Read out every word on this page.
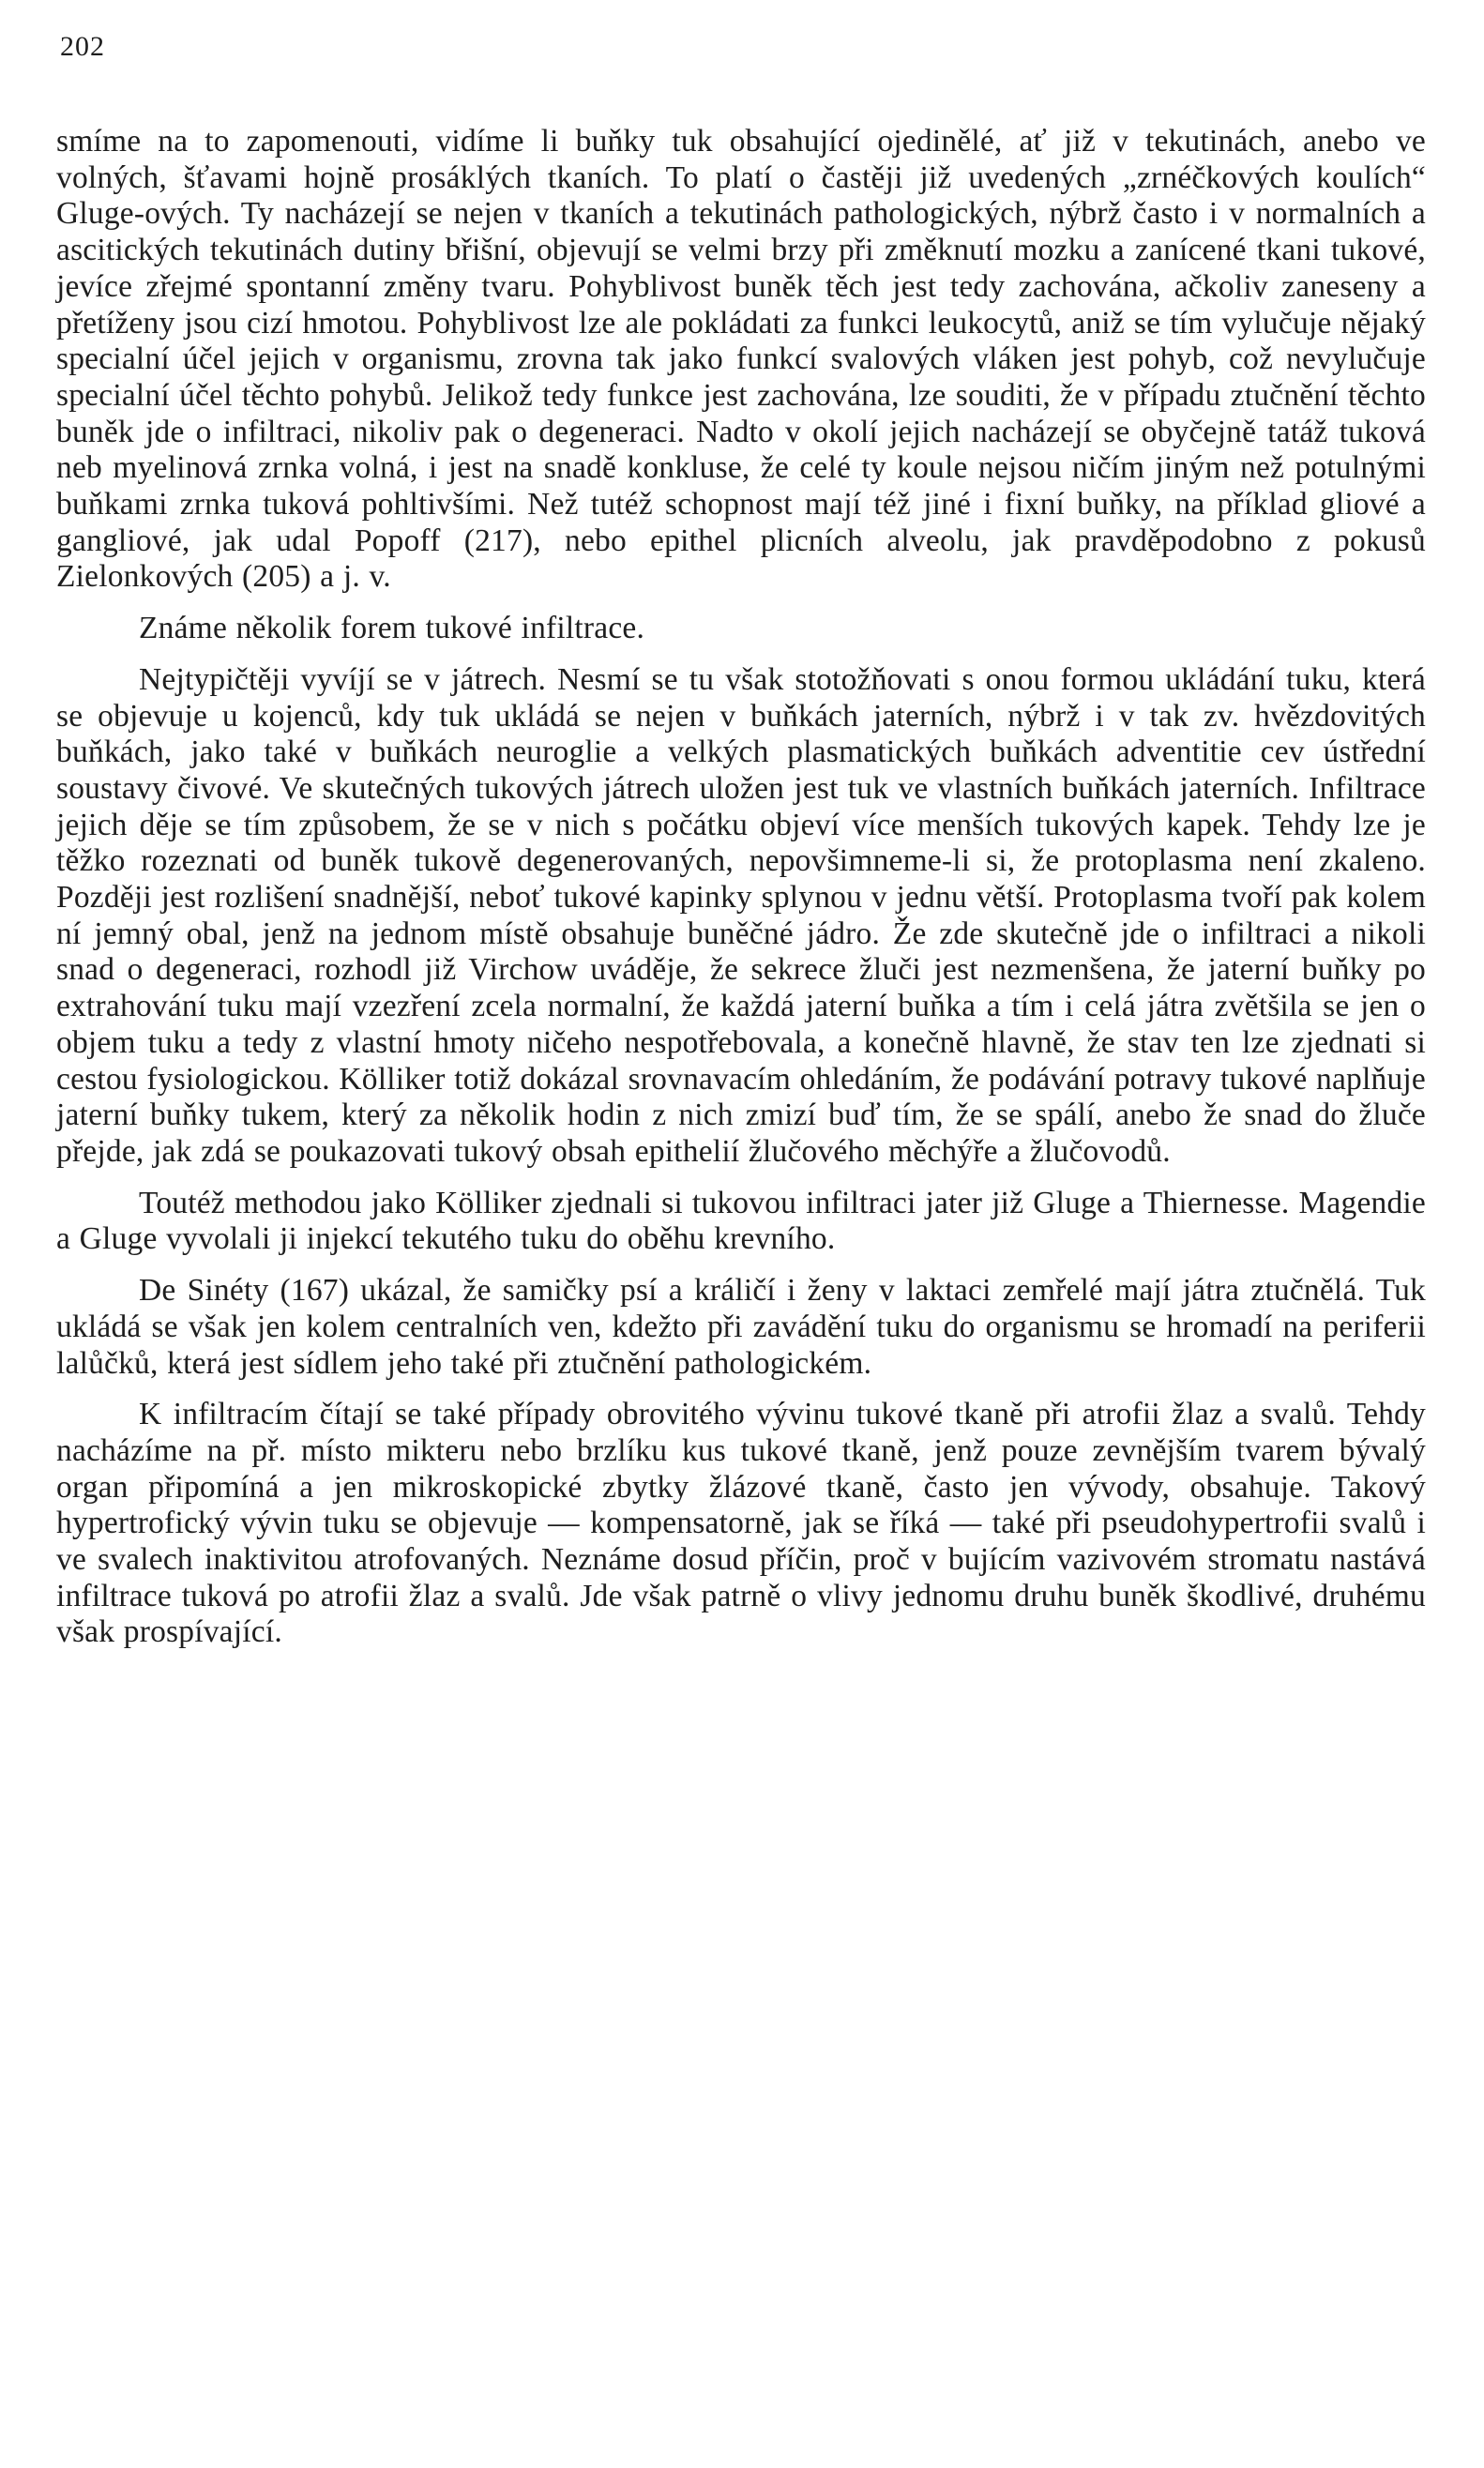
202

smíme na to zapomenouti, vidíme li buňky tuk obsahující ojedinělé, ať již v tekutinách, anebo ve volných, šťavami hojně prosáklých tkaních. To platí o častěji již uvedených „zrnéčkových koulích“ Gluge-ových. Ty nacházejí se nejen v tkaních a tekutinách pathologických, nýbrž často i v normalních a ascitických tekutinách dutiny břišní, objevují se velmi brzy při změknutí mozku a zanícené tkani tukové, jevíce zřejmé spontanní změny tvaru. Pohyblivost buněk těch jest tedy zachována, ačkoliv zaneseny a přetíženy jsou cizí hmotou. Pohyblivost lze ale pokládati za funkci leukocytů, aniž se tím vylučuje nějaký specialní účel jejich v organismu, zrovna tak jako funkcí svalových vláken jest pohyb, což nevylučuje specialní účel těchto pohybů. Jelikož tedy funkce jest zachována, lze souditi, že v případu ztučnění těchto buněk jde o infiltraci, nikoliv pak o degeneraci. Nadto v okolí jejich nacházejí se obyčejně tatáž tuková neb myelinová zrnka volná, i jest na snadě konkluse, že celé ty koule nejsou ničím jiným než potulnými buňkami zrnka tuková pohltivšími. Než tutéž schopnost mají též jiné i fixní buňky, na příklad gliové a gangliové, jak udal Popoff (217), nebo epithel plicních alveolu, jak pravděpodobno z pokusů Zielonkových (205) a j. v.

Známe několik forem tukové infiltrace.

Nejtypičtěji vyvíjí se v játrech. Nesmí se tu však stotožňovati s onou formou ukládání tuku, která se objevuje u kojenců, kdy tuk ukládá se nejen v buňkách jaterních, nýbrž i v tak zv. hvězdovitých buňkách, jako také v buňkách neuroglie a velkých plasmatických buňkách adventitie cev ústřední soustavy čivové. Ve skutečných tukových játrech uložen jest tuk ve vlastních buňkách jaterních. Infiltrace jejich děje se tím způsobem, že se v nich s počátku objeví více menších tukových kapek. Tehdy lze je těžko rozeznati od buněk tukově degenerovaných, nepovšimneme-li si, že protoplasma není zkaleno. Později jest rozlišení snadnější, neboť tukové kapinky splynou v jednu větší. Protoplasma tvoří pak kolem ní jemný obal, jenž na jednom místě obsahuje buněčné jádro. Že zde skutečně jde o infiltraci a nikoli snad o degeneraci, rozhodl již Virchow uváděje, že sekrece žluči jest nezmenšena, že jaterní buňky po extrahování tuku mají vzezření zcela normalní, že každá jaterní buňka a tím i celá játra zvětšila se jen o objem tuku a tedy z vlastní hmoty ničeho nespotřebovala, a konečně hlavně, že stav ten lze zjednati si cestou fysiologickou. Kölliker totiž dokázal srovnavacím ohledáním, že podávání potravy tukové naplňuje jaterní buňky tukem, který za několik hodin z nich zmizí buď tím, že se spálí, anebo že snad do žluče přejde, jak zdá se poukazovati tukový obsah epithelií žlučového měchýře a žlučovodů.

Toutéž methodou jako Kölliker zjednali si tukovou infiltraci jater již Gluge a Thiernesse. Magendie a Gluge vyvolali ji injekcí tekutého tuku do oběhu krevního.

De Sinéty (167) ukázal, že samičky psí a králičí i ženy v laktaci zemřelé mají játra ztučnělá. Tuk ukládá se však jen kolem centralních ven, kdežto při zavádění tuku do organismu se hromadí na periferii lalůčků, která jest sídlem jeho také při ztučnění pathologickém.

K infiltracím čítají se také případy obrovitého vývinu tukové tkaně při atrofii žlaz a svalů. Tehdy nacházíme na př. místo mikteru nebo brzlíku kus tukové tkaně, jenž pouze zevnějším tvarem bývalý organ připomíná a jen mikroskopické zbytky žlázové tkaně, často jen vývody, obsahuje. Takový hypertrofický vývin tuku se objevuje — kompensatorně, jak se říká — také při pseudohypertrofii svalů i ve svalech inaktivitou atrofovaných. Neznáme dosud příčin, proč v bujícím vazivovém stromatu nastává infiltrace tuková po atrofii žlaz a svalů. Jde však patrně o vlivy jednomu druhu buněk škodlivé, druhému však prospívající.
